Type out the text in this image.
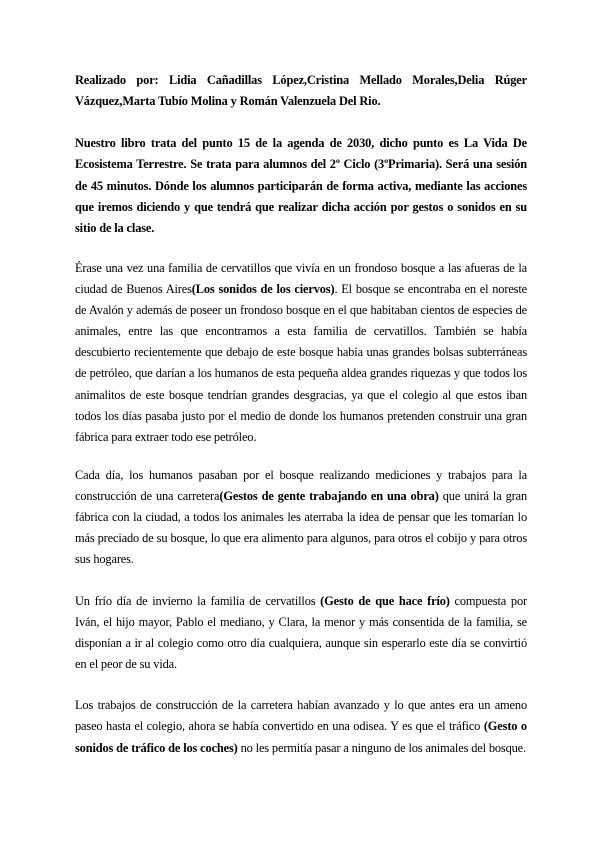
Realizado por: Lidia Cañadillas López,Cristina Mellado Morales,Delia Rúger Vázquez,Marta Tubío Molina y Román Valenzuela Del Rio.

Nuestro libro trata del punto 15 de la agenda de 2030, dicho punto es La Vida De Ecosistema Terrestre. Se trata para alumnos del 2º Ciclo (3ºPrimaria). Será una sesión de 45 minutos. Dónde los alumnos participarán de forma activa, mediante las acciones que iremos diciendo y que tendrá que realizar dicha acción por gestos o sonidos en su sitio de la clase.

Érase una vez una familia de cervatillos que vivía en un frondoso bosque a las afueras de la ciudad de Buenos Aires(Los sonidos de los ciervos). El bosque se encontraba en el noreste de Avalón y además de poseer un frondoso bosque en el que habitaban cientos de especies de animales, entre las que encontramos a esta familia de cervatillos. También se había descubierto recientemente que debajo de este bosque había unas grandes bolsas subterráneas de petróleo, que darían a los humanos de esta pequeña aldea grandes riquezas y que todos los animalitos de este bosque tendrían grandes desgracias, ya que el colegio al que estos iban todos los días pasaba justo por el medio de donde los humanos pretenden construir una gran fábrica para extraer todo ese petróleo.

Cada día, los humanos pasaban por el bosque realizando mediciones y trabajos para la construcción de una carretera(Gestos de gente trabajando en una obra) que unirá la gran fábrica con la ciudad, a todos los animales les aterraba la idea de pensar que les tomarían lo más preciado de su bosque, lo que era alimento para algunos, para otros el cobijo y para otros sus hogares.

Un frío día de invierno la familia de cervatillos (Gesto de que hace frío) compuesta por Iván, el hijo mayor, Pablo el mediano, y Clara, la menor y más consentida de la familia, se disponían a ir al colegio como otro día cualquiera, aunque sin esperarlo este día se convirtió en el peor de su vida.

Los trabajos de construcción de la carretera habían avanzado y lo que antes era un ameno paseo hasta el colegio, ahora se había convertido en una odisea. Y es que el tráfico (Gesto o sonidos de tráfico de los coches) no les permitía pasar a ninguno de los animales del bosque.
